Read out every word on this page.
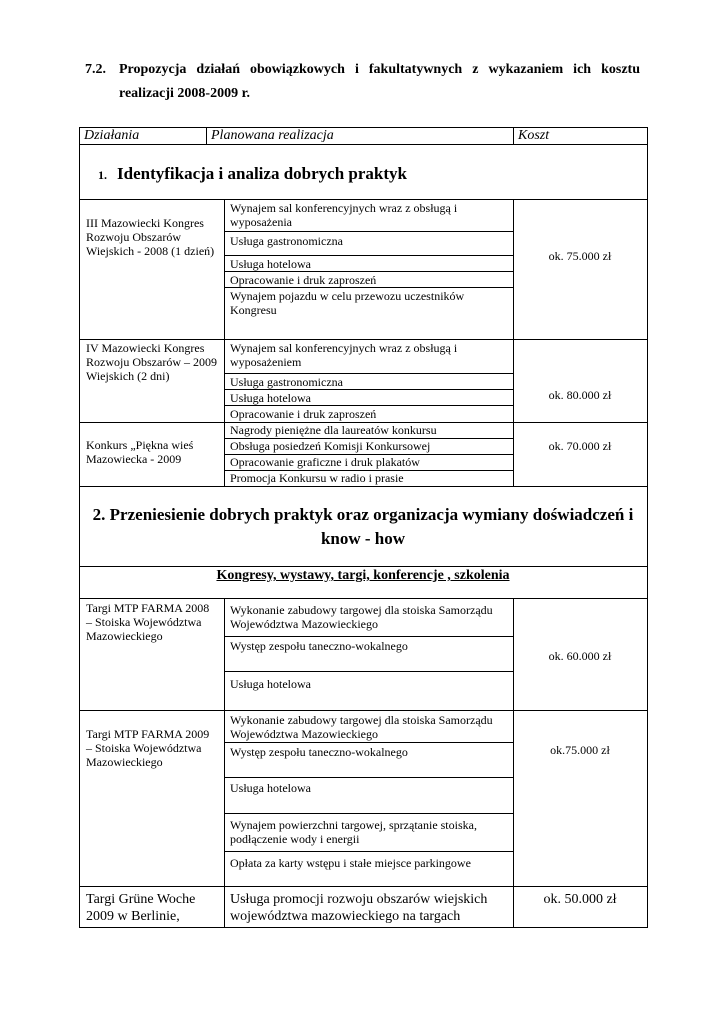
7.2. Propozycja działań obowiązkowych i fakultatywnych z wykazaniem ich kosztu realizacji 2008-2009 r.
Działania	Planowana realizacja	Koszt
1. Identyfikacja i analiza dobrych praktyk
III Mazowiecki Kongres Rozwoju Obszarów Wiejskich - 2008 (1 dzień)
Wynajem sal konferencyjnych wraz z obsługą i wyposażenia
Usługa gastronomiczna
Usługa hotelowa
Opracowanie i druk zaproszeń
Wynajem pojazdu w celu przewozu uczestników Kongresu
ok. 75.000 zł
IV Mazowiecki Kongres Rozwoju Obszarów – 2009 Wiejskich (2 dni)
Wynajem sal konferencyjnych wraz z obsługą i wyposażeniem
Usługa gastronomiczna
Usługa hotelowa
Opracowanie i druk zaproszeń
ok. 80.000 zł
Konkurs „Piękna wieś Mazowiecka - 2009
Nagrody pieniężne dla laureatów konkursu
Obsługa posiedzeń Komisji Konkursowej
Opracowanie graficzne i druk plakatów
Promocja Konkursu w radio i prasie
ok. 70.000 zł
2. Przeniesienie dobrych praktyk oraz organizacja wymiany doświadczeń i know - how
Kongresy, wystawy, targi, konferencje , szkolenia
Targi MTP FARMA 2008 – Stoiska Województwa Mazowieckiego
Wykonanie zabudowy targowej dla stoiska Samorządu Województwa Mazowieckiego
Występ zespołu taneczno-wokalnego
Usługa hotelowa
ok. 60.000 zł
Targi MTP FARMA 2009 – Stoiska Województwa Mazowieckiego
Wykonanie zabudowy targowej dla stoiska Samorządu Województwa Mazowieckiego
Występ zespołu taneczno-wokalnego
Usługa hotelowa
Wynajem powierzchni targowej, sprzątanie stoiska, podłączenie wody i energii
Opłata za karty wstępu i stałe miejsce parkingowe
ok.75.000 zł
Targi Grüne Woche 2009 w Berlinie,
Usługa promocji rozwoju obszarów wiejskich województwa mazowieckiego na targach
ok. 50.000 zł
